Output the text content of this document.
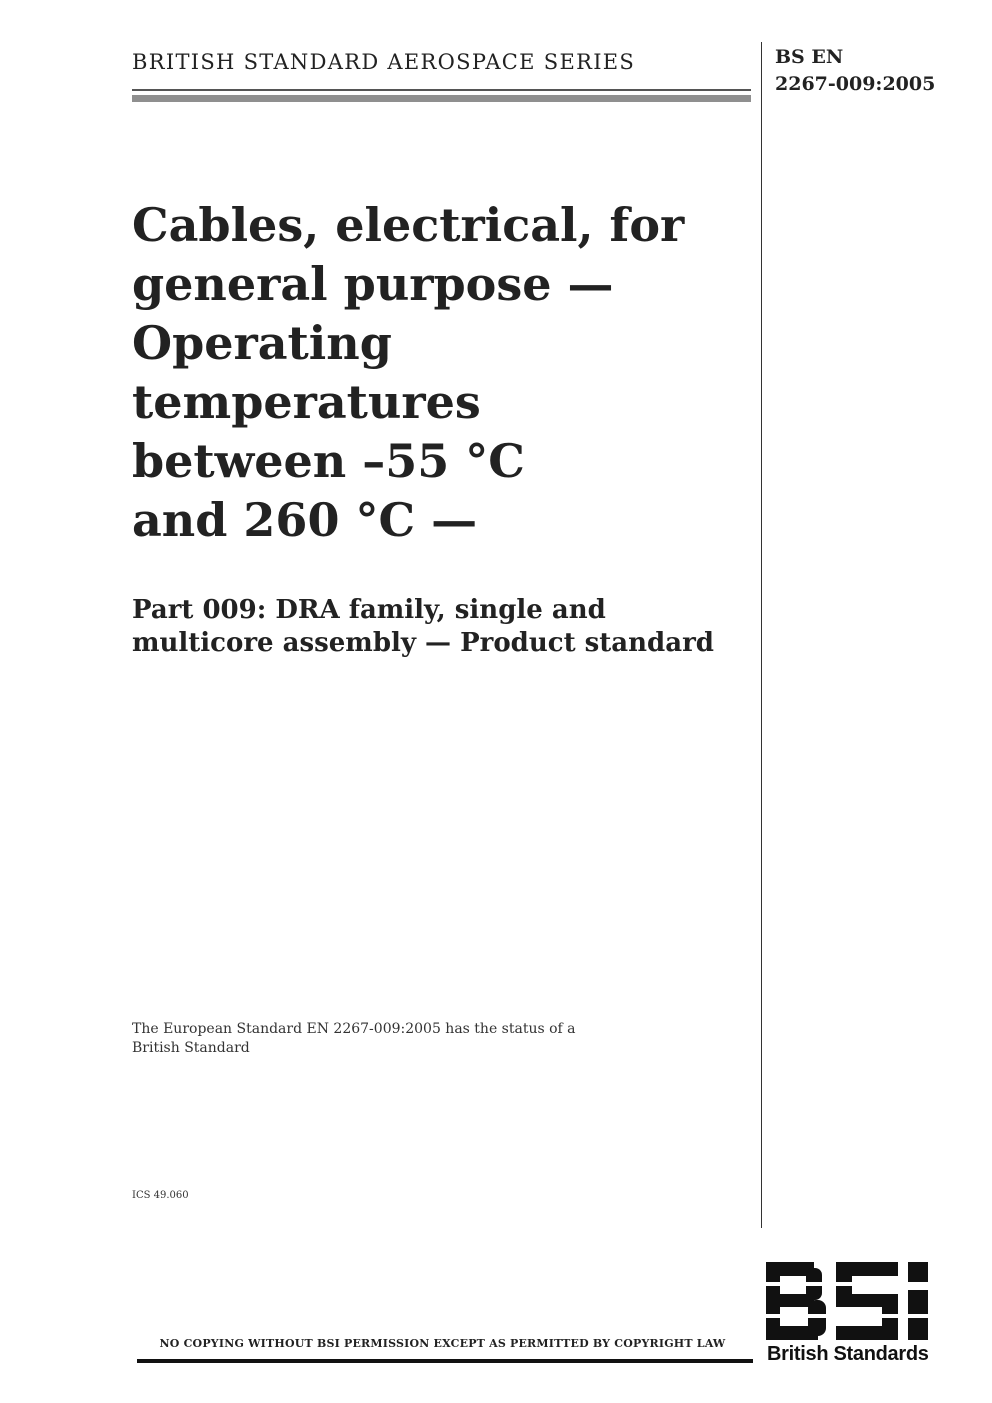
BRITISH STANDARD AEROSPACE SERIES	BS EN
2267-009:2005
Cables, electrical, for
general purpose —
Operating
temperatures
between –55 °C
and 260 °C —
Part 009: DRA family, single and
multicore assembly — Product standard
The European Standard EN 2267-009:2005 has the status of a
British Standard
ICS 49.060
NO COPYING WITHOUT BSI PERMISSION EXCEPT AS PERMITTED BY COPYRIGHT LAW	British Standards
